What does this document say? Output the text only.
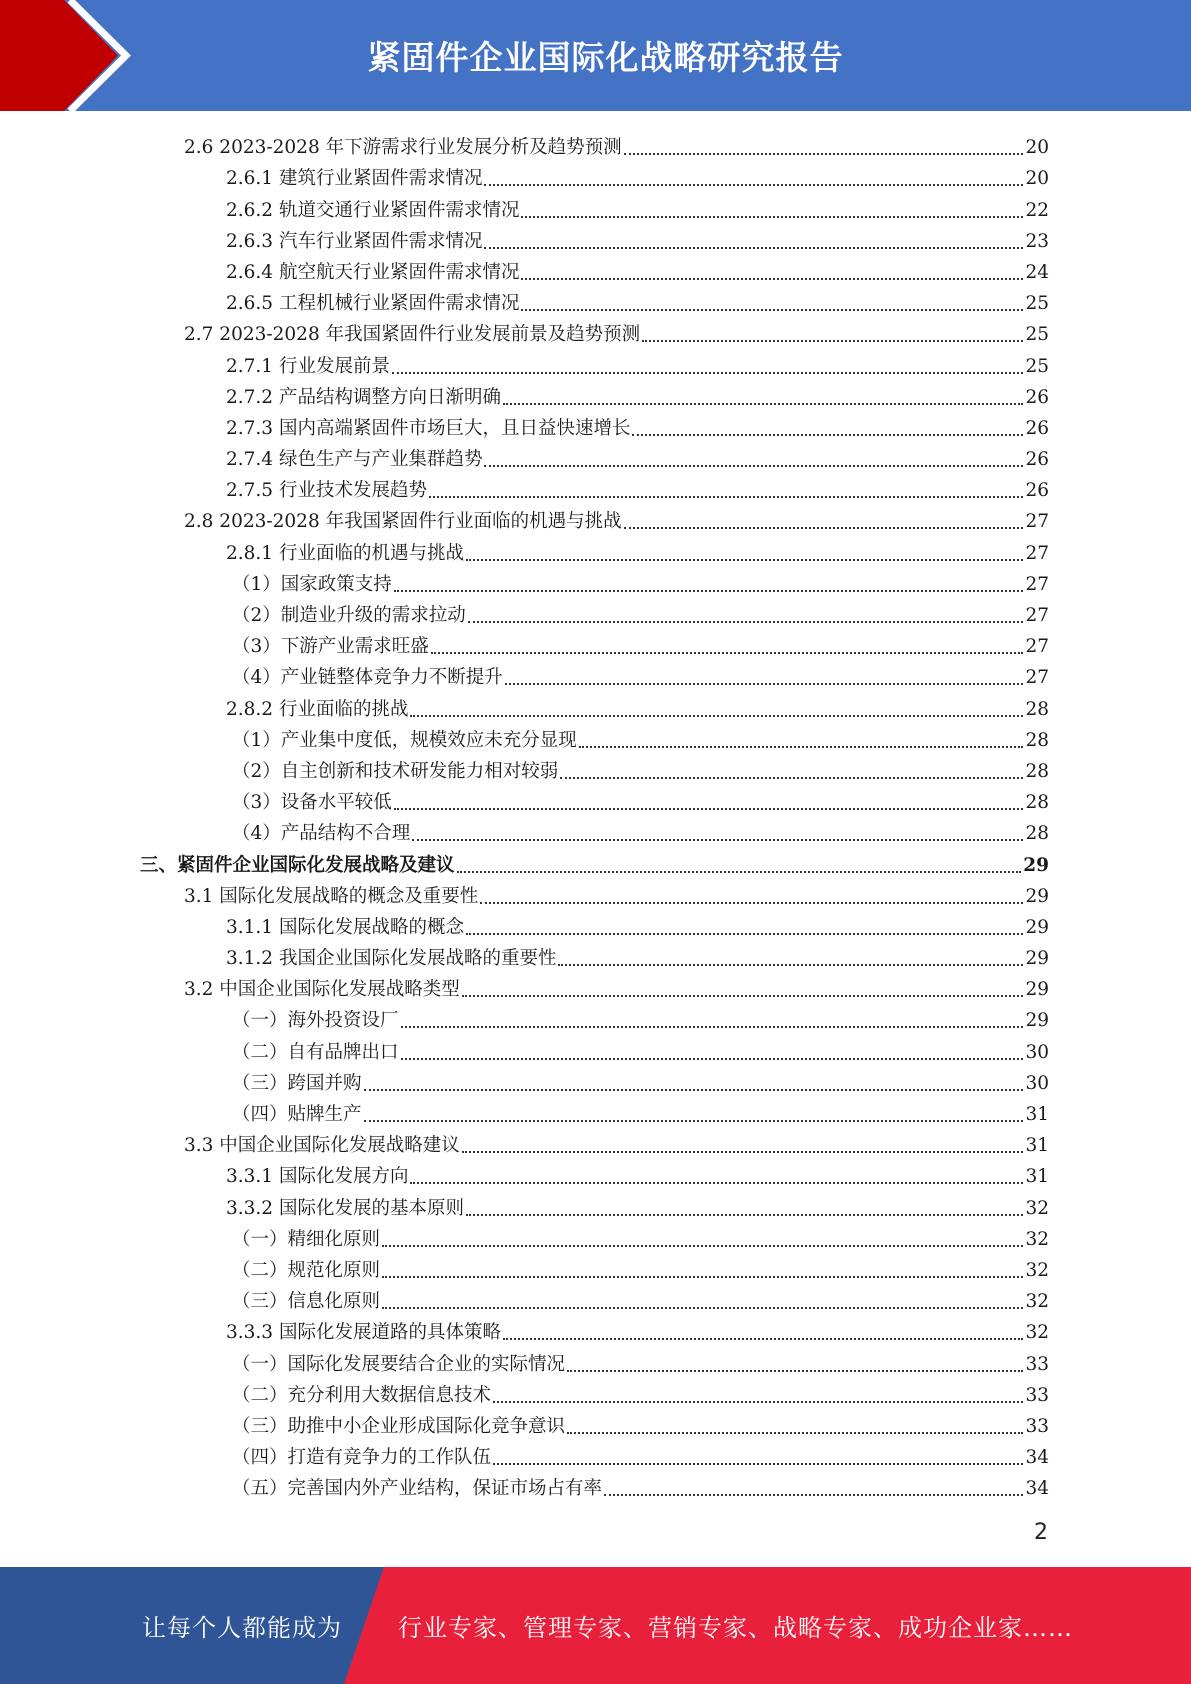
紧固件企业国际化战略研究报告
2.6 2023-2028 年下游需求行业发展分析及趋势预测	20
2.6.1 建筑行业紧固件需求情况	20
2.6.2 轨道交通行业紧固件需求情况	22
2.6.3 汽车行业紧固件需求情况	23
2.6.4 航空航天行业紧固件需求情况	24
2.6.5 工程机械行业紧固件需求情况	25
2.7 2023-2028 年我国紧固件行业发展前景及趋势预测	25
2.7.1 行业发展前景	25
2.7.2 产品结构调整方向日渐明确	26
2.7.3 国内高端紧固件市场巨大，且日益快速增长	26
2.7.4 绿色生产与产业集群趋势	26
2.7.5 行业技术发展趋势	26
2.8 2023-2028 年我国紧固件行业面临的机遇与挑战	27
2.8.1 行业面临的机遇与挑战	27
（1）国家政策支持	27
（2）制造业升级的需求拉动	27
（3）下游产业需求旺盛	27
（4）产业链整体竞争力不断提升	27
2.8.2 行业面临的挑战	28
（1）产业集中度低，规模效应未充分显现	28
（2）自主创新和技术研发能力相对较弱	28
（3）设备水平较低	28
（4）产品结构不合理	28
三、紧固件企业国际化发展战略及建议	29
3.1 国际化发展战略的概念及重要性	29
3.1.1 国际化发展战略的概念	29
3.1.2 我国企业国际化发展战略的重要性	29
3.2 中国企业国际化发展战略类型	29
（一）海外投资设厂	29
（二）自有品牌出口	30
（三）跨国并购	30
（四）贴牌生产	31
3.3 中国企业国际化发展战略建议	31
3.3.1 国际化发展方向	31
3.3.2 国际化发展的基本原则	32
（一）精细化原则	32
（二）规范化原则	32
（三）信息化原则	32
3.3.3 国际化发展道路的具体策略	32
（一）国际化发展要结合企业的实际情况	33
（二）充分利用大数据信息技术	33
（三）助推中小企业形成国际化竞争意识	33
（四）打造有竞争力的工作队伍	34
（五）完善国内外产业结构，保证市场占有率	34
2
让每个人都能成为 行业专家、管理专家、营销专家、战略专家、成功企业家……
